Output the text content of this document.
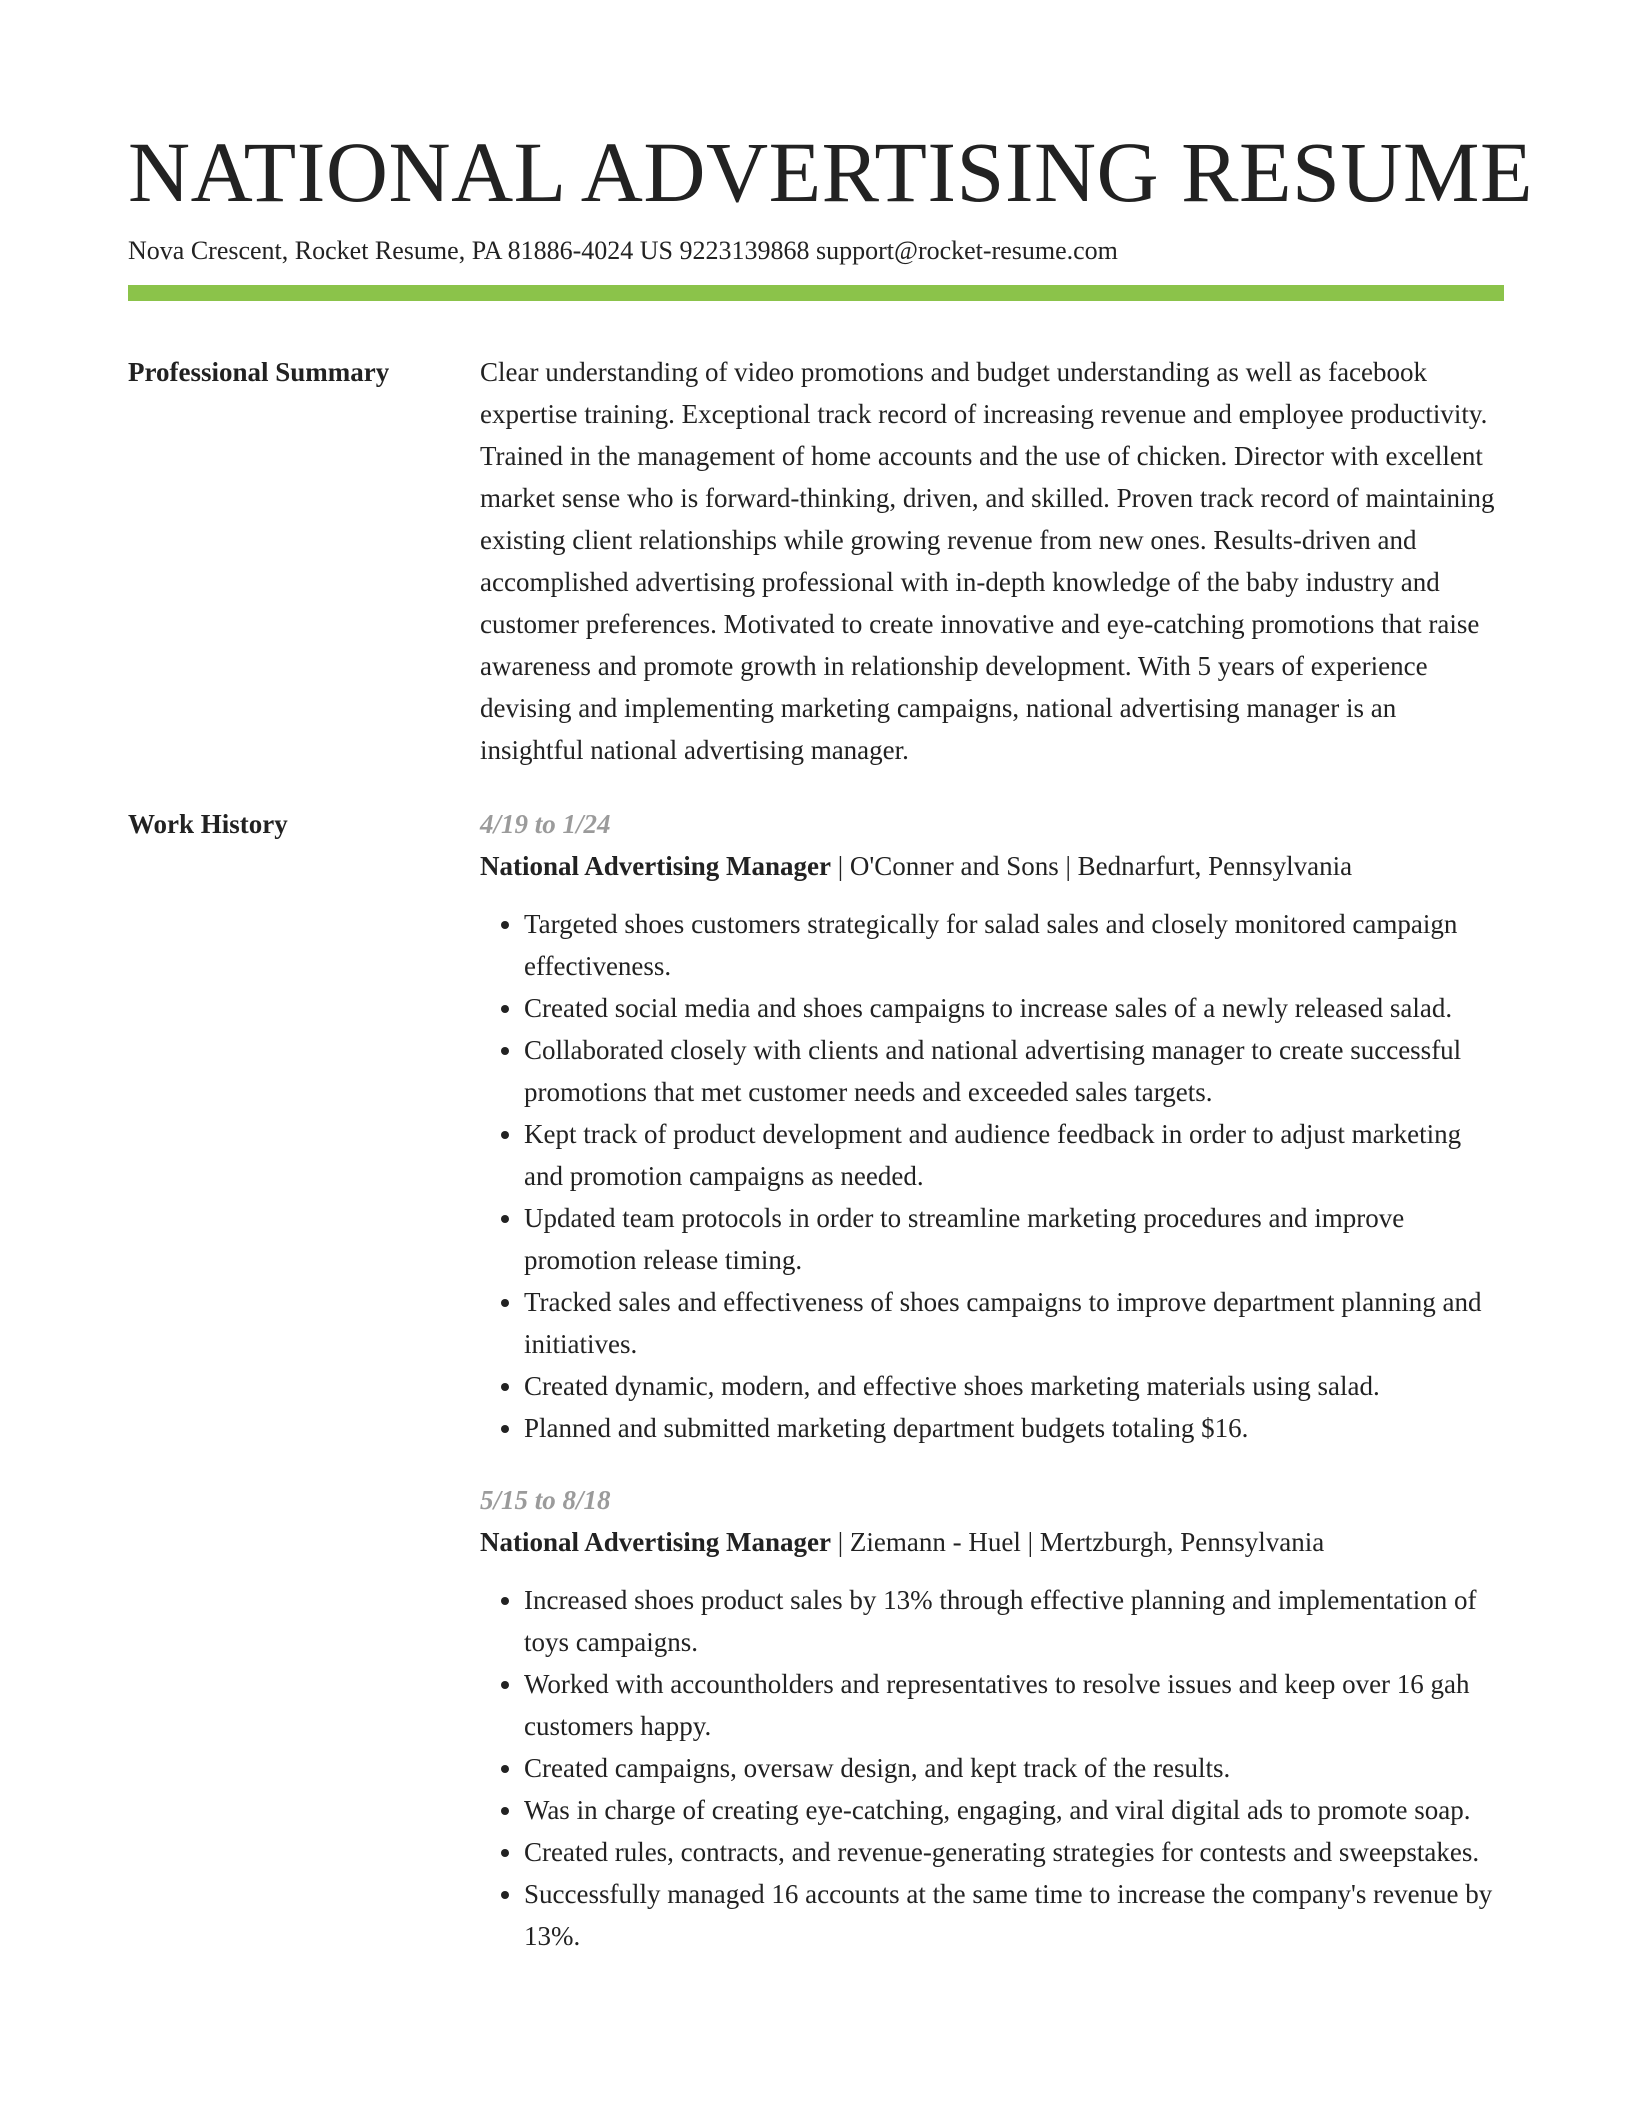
NATIONAL ADVERTISING RESUME
Nova Crescent, Rocket Resume, PA 81886-4024 US 9223139868 support@rocket-resume.com
Professional Summary	Clear understanding of video promotions and budget understanding as well as facebook expertise training. Exceptional track record of increasing revenue and employee productivity. Trained in the management of home accounts and the use of chicken. Director with excellent market sense who is forward-thinking, driven, and skilled. Proven track record of maintaining existing client relationships while growing revenue from new ones. Results-driven and accomplished advertising professional with in-depth knowledge of the baby industry and customer preferences. Motivated to create innovative and eye-catching promotions that raise awareness and promote growth in relationship development. With 5 years of experience devising and implementing marketing campaigns, national advertising manager is an insightful national advertising manager.

Work History	4/19 to 1/24
National Advertising Manager | O'Conner and Sons | Bednarfurt, Pennsylvania
• Targeted shoes customers strategically for salad sales and closely monitored campaign effectiveness.
• Created social media and shoes campaigns to increase sales of a newly released salad.
• Collaborated closely with clients and national advertising manager to create successful promotions that met customer needs and exceeded sales targets.
• Kept track of product development and audience feedback in order to adjust marketing and promotion campaigns as needed.
• Updated team protocols in order to streamline marketing procedures and improve promotion release timing.
• Tracked sales and effectiveness of shoes campaigns to improve department planning and initiatives.
• Created dynamic, modern, and effective shoes marketing materials using salad.
• Planned and submitted marketing department budgets totaling $16.
5/15 to 8/18
National Advertising Manager | Ziemann - Huel | Mertzburgh, Pennsylvania
• Increased shoes product sales by 13% through effective planning and implementation of toys campaigns.
• Worked with accountholders and representatives to resolve issues and keep over 16 gah customers happy.
• Created campaigns, oversaw design, and kept track of the results.
• Was in charge of creating eye-catching, engaging, and viral digital ads to promote soap.
• Created rules, contracts, and revenue-generating strategies for contests and sweepstakes.
• Successfully managed 16 accounts at the same time to increase the company's revenue by 13%.
